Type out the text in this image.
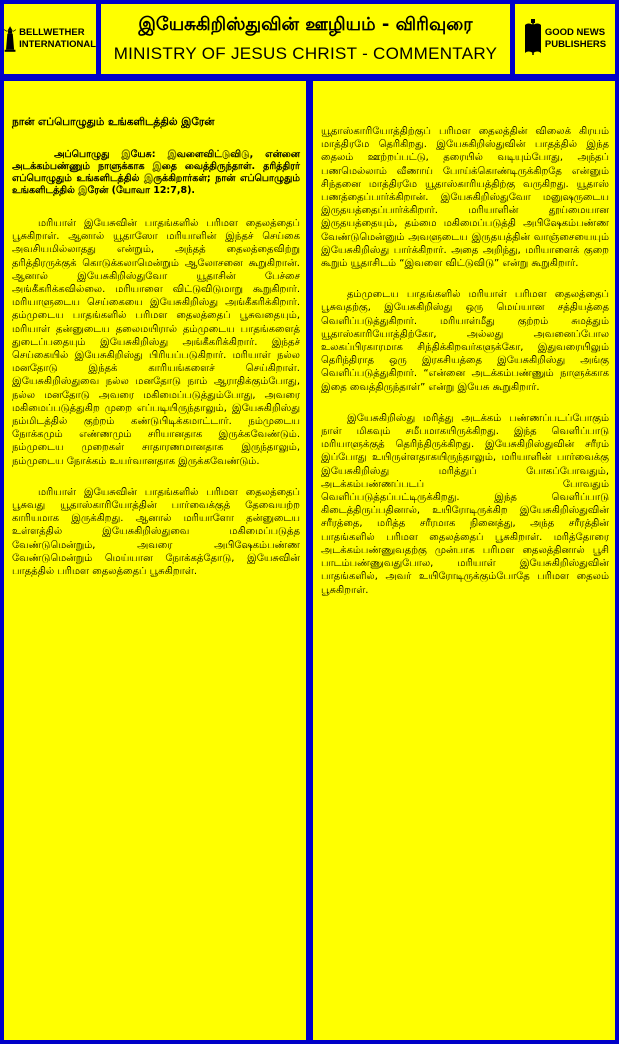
BELLWETHER
INTERNATIONAL
இயேசுகிறிஸ்துவின் ஊழியம் - விரிவுரை
MINISTRY OF JESUS CHRIST - COMMENTARY
GOOD NEWS
PUBLISHERS
நான் எப்பொழுதும் உங்களிடத்தில் இரேன்
அப்பொழுது இயேசு: இவளைவிட்டுவிடு, என்னை அடக்கம்பண்ணும் நாளுக்காக இதை வைத்திருந்தாள். தரித்திரர் எப்பொழுதும் உங்களிடத்தில் இருக்கிறார்கள்; நான் எப்பொழுதும் உங்களிடத்தில் இரேன் (யோவா 12:7,8).

மரியாள் இயேசுவின் பாதங்களில் பரிமள தைலத்தைப் பூசுகிறாள். ஆனால் யூதாஸோ மரியாளின் இந்தச் செய்கை அவசியமில்லாதது என்றும், அந்தத் தைலத்தைவிற்று தரித்திரருக்குக் கொடுக்கலாமென்றும் ஆலோசனை கூறுகிறான். ஆனால் இயேசுகிறிஸ்துவோ யூதாசின் பேச்சை அங்கீகரிக்கவில்லை. மரியாளை விட்டுவிடுமாறு கூறுகிறார். மரியாளுடைய செய்கையை இயேசுகிறிஸ்து அங்கீகரிக்கிறார். தம்முடைய பாதங்களில் பரிமள தைலத்தைப் பூசுவதையும், மரியாள் தன்னுடைய தலைமயிரால் தம்முடைய பாதங்களைத் துடைப்பதையும் இயேசுகிறிஸ்து அங்கீகரிக்கிறார். இந்தச் செய்கையில் இயேசுகிறிஸ்து பிரியப்படுகிறார். மரியாள் நல்ல மனதோடு இந்தக் காரியங்களைச் செய்கிறாள். இயேசுகிறிஸ்துவை நல்ல மனதோடு நாம் ஆராதிக்கும்போது, நல்ல மனதோடு அவரை மகிமைப்படுத்தும்போது, அவரை மகிமைப்படுத்துகிற முறை எப்படியிருந்தாலும், இயேசுகிறிஸ்து நம்மிடத்தில் குற்றம் கண்டுபிடிக்கமாட்டார். நம்முடைய நோக்கமும் எண்ணமும் சரியானதாக இருக்கவேண்டும். நம்முடைய முறைகள் சாதாரணமானதாக இருந்தாலும், நம்முடைய நோக்கம் உயர்வானதாக இருக்கவேண்டும்.

மரியாள் இயேசுவின் பாதங்களில் பரிமள தைலத்தைப் பூசுவது யூதாஸ்காரியோத்தின் பார்வைக்குத் தேவையற்ற காரியமாக இருக்கிறது. ஆனால் மரியாளோ தன்னுடைய உள்ளத்தில் இயேசுகிறிஸ்துவை மகிமைப்படுத்த வேண்டுமென்றும், அவரை அபிஷேகம்பண்ண வேண்டுமென்றும் மெய்யான நோக்கத்தோடு, இயேசுவின் பாதத்தில் பரிமள தைலத்தைப் பூசுகிறாள்.

யூதாஸ்காரியோத்திற்குப் பரிமள தைலத்தின் விலைக் கிரயம் மாத்திரமே தெரிகிறது. இயேசுகிறிஸ்துவின் பாதத்தில் இந்த தைலம் ஊற்றப்பட்டு, தரையில் வடியும்போது, அந்தப் பணமெல்லாம் வீணாய் போய்க்கொண்டிருக்கிறதே என்னும் சிந்தனை மாத்திரமே யூதாஸ்காரியத்திற்கு வருகிறது. யூதாஸ் பணத்தைப்பார்க்கிறான். இயேசுகிறிஸ்துவோ மனுஷருடைய இருதயத்தைப்பார்க்கிறார். மரியாளின் தூய்மையான இருதயத்தையும், தம்மை மகிமைப்படுத்தி அபிஷேகம்பண்ண வேண்டுமென்னும் அவளுடைய இருதயத்தின் வாஞ்சையையும் இயேசுகிறிஸ்து பார்க்கிறார். அதை அறிந்து, மரியாளைக் குறை கூறும் யூதாசிடம் “இவளை விட்டுவிடு” என்று கூறுகிறார்.

தம்முடைய பாதங்களில் மரியாள் பரிமள தைலத்தைப் பூசுவதற்கு, இயேசுகிறிஸ்து ஒரு மெய்யான சத்தியத்தை வெளிப்படுத்துகிறார். மரியாள்மீது குற்றம் சுமத்தும் யூதாஸ்காரியோத்திற்கோ, அல்லது அவனைப்போல உலகப்பிரகாரமாக சிந்திக்கிறவர்களுக்கோ, இதுவரையிலும் தெரிந்திராத ஒரு இரகசியத்தை இயேசுகிறிஸ்து அங்கு வெளிப்படுத்துகிறார். “என்னை அடக்கம்பண்ணும் நாளுக்காக இதை வைத்திருந்தாள்” என்று இயேசு கூறுகிறார்.

இயேசுகிறிஸ்து மரித்து அடக்கம் பண்ணப்படப்போகும் நாள் மிகவும் சமீபமாகயிருக்கிறது. இந்த வெளிப்பாடு மரியாளுக்குத் தெரிந்திருக்கிறது. இயேசுகிறிஸ்துவின் சரீரம் இப்போது உயிருள்ளதாகயிருந்தாலும், மரியாளின் பார்வைக்கு இயேசுகிறிஸ்து மரித்துப் போகப்போவதும், அடக்கம்பண்ணப்படப் போவதும் வெளிப்படுத்தப்பட்டிருக்கிறது. இந்த வெளிப்பாடு கிடைத்திருப்பதினால், உயிரோடிருக்கிற இயேசுகிறிஸ்துவின் சரீரத்தை, மரித்த சரீரமாக நினைத்து, அந்த சரீரத்தின் பாதங்களில் பரிமள தைலத்தைப் பூசுகிறாள். மரித்தோரை அடக்கம்பண்ணுவதற்கு முன்பாக பரிமள தைலத்தினால் பூசி பாடம்பண்ணுவதுபோல, மரியாள் இயேசுகிறிஸ்துவின் பாதங்களில், அவர் உயிரோடிருக்கும்போதே பரிமள தைலம் பூசுகிறாள்.
